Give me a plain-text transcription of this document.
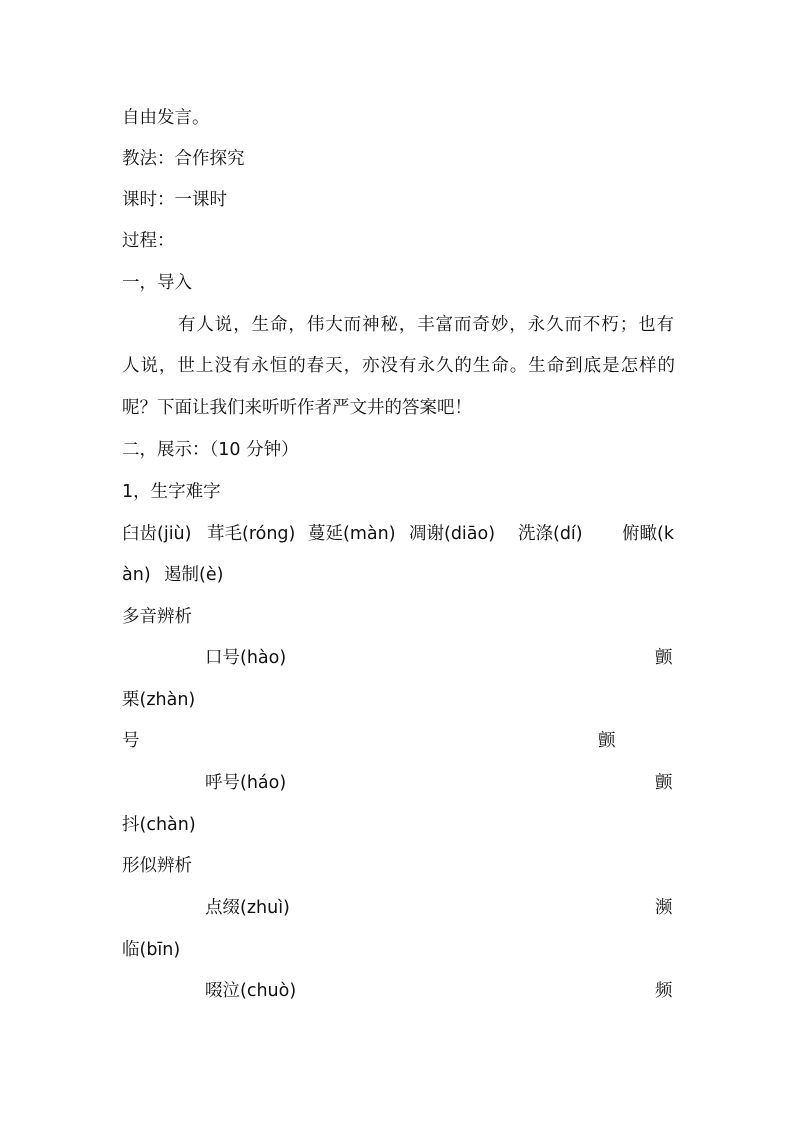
自由发言。
教法：合作探究
课时：一课时
过程：
一，导入
有人说，生命，伟大而神秘，丰富而奇妙，永久而不朽；也有
人说，世上没有永恒的春天，亦没有永久的生命。生命到底是怎样的
呢？下面让我们来听听作者严文井的答案吧！
二，展示：（10 分钟）
1，生字难字
臼齿(jiù) 茸毛(róng) 蔓延(màn) 凋谢(diāo) 洗涤(dí) 俯瞰(k
àn) 遏制(è)
多音辨析
口号(hào)	颤
栗(zhàn)
号	颤
呼号(háo)	颤
抖(chàn)
形似辨析
点缀(zhuì)	濒
临(bīn)
啜泣(chuò)	频
